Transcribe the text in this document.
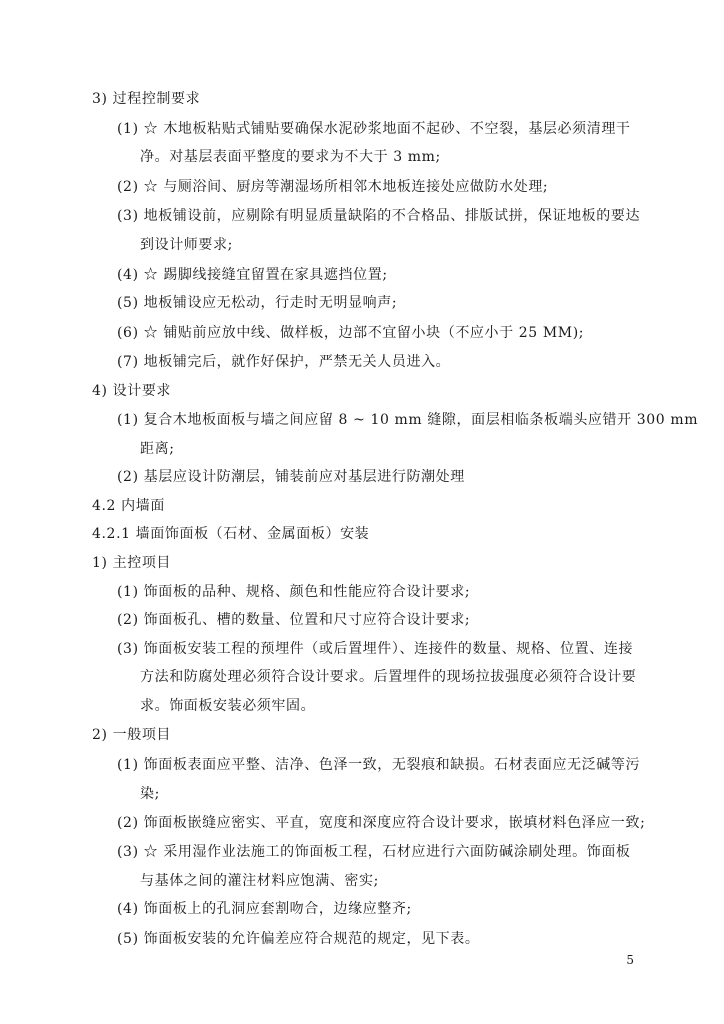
3) 过程控制要求
(1) ☆ 木地板粘贴式铺贴要确保水泥砂浆地面不起砂、不空裂，基层必须清理干
净。对基层表面平整度的要求为不大于 3 mm;
(2) ☆ 与厕浴间、厨房等潮湿场所相邻木地板连接处应做防水处理;
(3) 地板铺设前，应剔除有明显质量缺陷的不合格品、排版试拼，保证地板的要达
到设计师要求;
(4) ☆ 踢脚线接缝宜留置在家具遮挡位置;
(5) 地板铺设应无松动，行走时无明显响声;
(6) ☆ 铺贴前应放中线、做样板，边部不宜留小块（不应小于 25 MM);
(7) 地板铺完后，就作好保护，严禁无关人员进入。
4) 设计要求
(1) 复合木地板面板与墙之间应留 8 ~ 10 mm 缝隙，面层相临条板端头应错开 300 mm
距离;
(2) 基层应设计防潮层，铺装前应对基层进行防潮处理
4.2 内墙面
4.2.1 墙面饰面板（石材、金属面板）安装
1) 主控项目
(1) 饰面板的品种、规格、颜色和性能应符合设计要求;
(2) 饰面板孔、槽的数量、位置和尺寸应符合设计要求;
(3) 饰面板安装工程的预埋件（或后置埋件）、连接件的数量、规格、位置、连接
方法和防腐处理必须符合设计要求。后置埋件的现场拉拔强度必须符合设计要
求。饰面板安装必须牢固。
2) 一般项目
(1) 饰面板表面应平整、洁净、色泽一致，无裂痕和缺损。石材表面应无泛碱等污
染;
(2) 饰面板嵌缝应密实、平直，宽度和深度应符合设计要求，嵌填材料色泽应一致;
(3) ☆ 采用湿作业法施工的饰面板工程，石材应进行六面防碱涂刷处理。饰面板
与基体之间的灌注材料应饱满、密实;
(4) 饰面板上的孔洞应套割吻合，边缘应整齐;
(5) 饰面板安装的允许偏差应符合规范的规定，见下表。
5
